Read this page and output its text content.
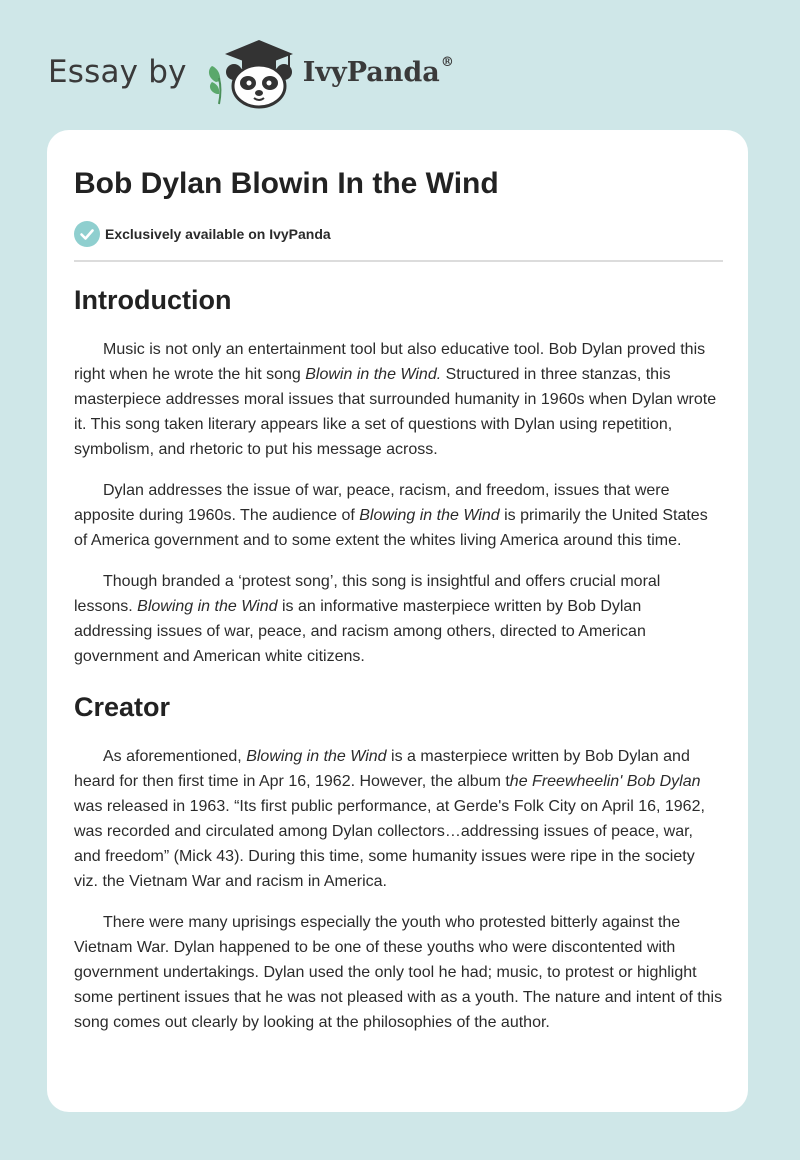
Essay by	IvyPanda®
Bob Dylan Blowin In the Wind
Exclusively available on IvyPanda
Introduction

Music is not only an entertainment tool but also educative tool. Bob Dylan proved this right when he wrote the hit song Blowin in the Wind. Structured in three stanzas, this masterpiece addresses moral issues that surrounded humanity in 1960s when Dylan wrote it. This song taken literary appears like a set of questions with Dylan using repetition, symbolism, and rhetoric to put his message across.

Dylan addresses the issue of war, peace, racism, and freedom, issues that were apposite during 1960s. The audience of Blowing in the Wind is primarily the United States of America government and to some extent the whites living America around this time.

Though branded a ‘protest song’, this song is insightful and offers crucial moral lessons. Blowing in the Wind is an informative masterpiece written by Bob Dylan addressing issues of war, peace, and racism among others, directed to American government and American white citizens.

Creator

As aforementioned, Blowing in the Wind is a masterpiece written by Bob Dylan and heard for then first time in Apr 16, 1962. However, the album the Freewheelin' Bob Dylan was released in 1963. “Its first public performance, at Gerde's Folk City on April 16, 1962, was recorded and circulated among Dylan collectors…addressing issues of peace, war, and freedom” (Mick 43). During this time, some humanity issues were ripe in the society viz. the Vietnam War and racism in America.

There were many uprisings especially the youth who protested bitterly against the Vietnam War. Dylan happened to be one of these youths who were discontented with government undertakings. Dylan used the only tool he had; music, to protest or highlight some pertinent issues that he was not pleased with as a youth. The nature and intent of this song comes out clearly by looking at the philosophies of the author.
